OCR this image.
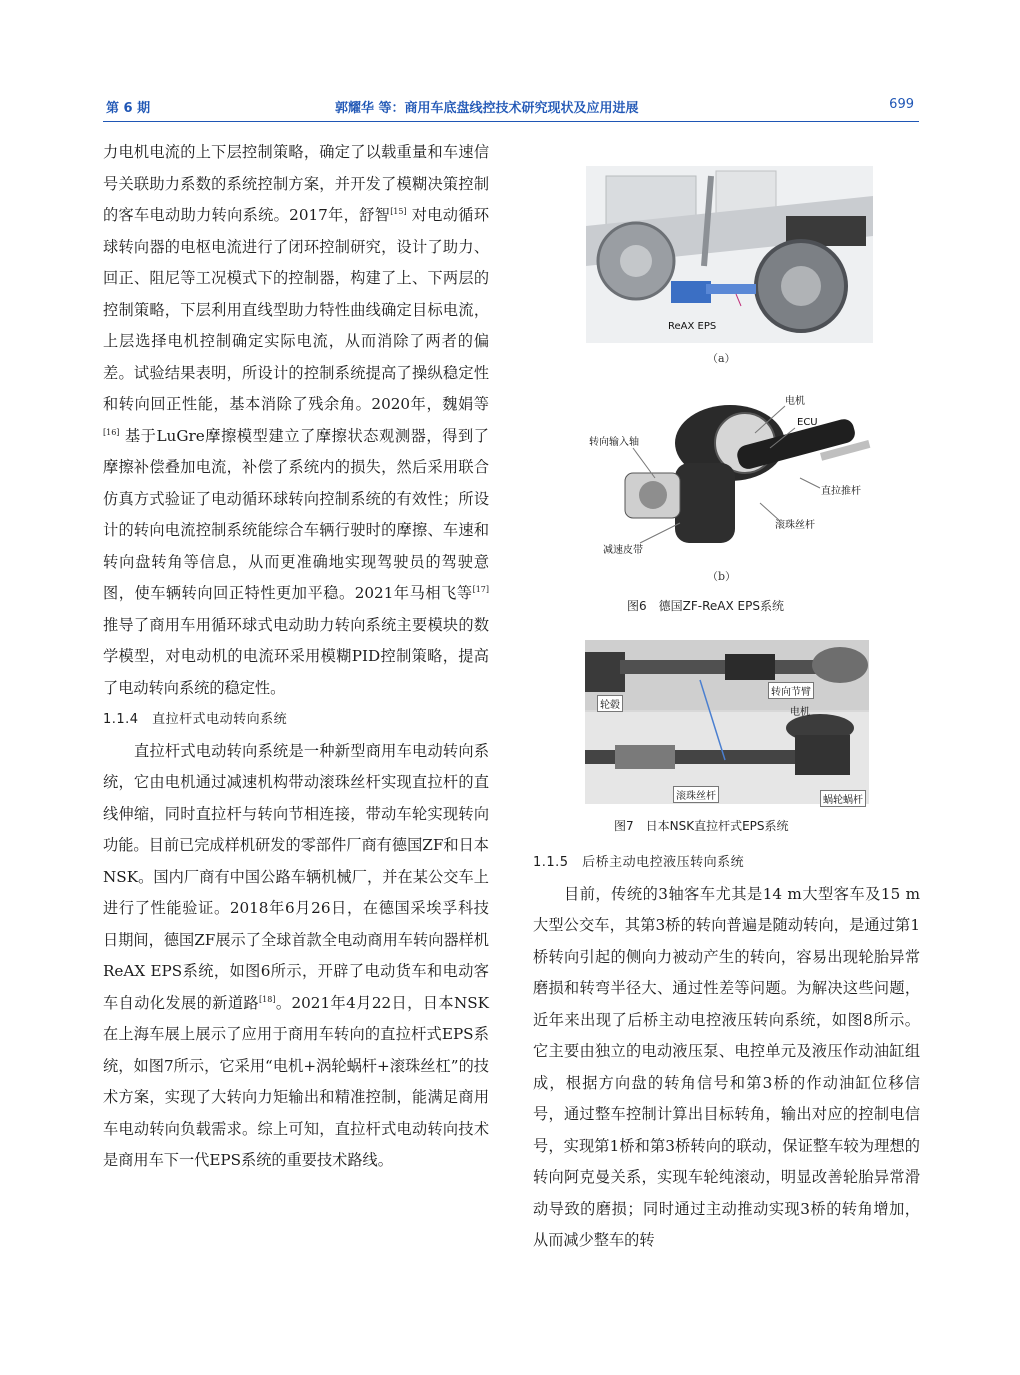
第 6 期	郭耀华 等：商用车底盘线控技术研究现状及应用进展	699

力电机电流的上下层控制策略，确定了以载重量和车速信号关联助力系数的系统控制方案，并开发了模糊决策控制的客车电动助力转向系统。2017年，舒智[15] 对电动循环球转向器的电枢电流进行了闭环控制研究，设计了助力、回正、阻尼等工况模式下的控制器，构建了上、下两层的控制策略，下层利用直线型助力特性曲线确定目标电流，上层选择电机控制确定实际电流，从而消除了两者的偏差。试验结果表明，所设计的控制系统提高了操纵稳定性和转向回正性能，基本消除了残余角。2020年，魏娟等[16] 基于LuGre摩擦模型建立了摩擦状态观测器，得到了摩擦补偿叠加电流，补偿了系统内的损失，然后采用联合仿真方式验证了电动循环球转向控制系统的有效性；所设计的转向电流控制系统能综合车辆行驶时的摩擦、车速和转向盘转角等信息，从而更准确地实现驾驶员的驾驶意图，使车辆转向回正特性更加平稳。2021年马相飞等[17] 推导了商用车用循环球式电动助力转向系统主要模块的数学模型，对电动机的电流环采用模糊PID控制策略，提高了电动转向系统的稳定性。

1.1.4　直拉杆式电动转向系统

直拉杆式电动转向系统是一种新型商用车电动转向系统，它由电机通过减速机构带动滚珠丝杆实现直拉杆的直线伸缩，同时直拉杆与转向节相连接，带动车轮实现转向功能。目前已完成样机研发的零部件厂商有德国ZF和日本NSK。国内厂商有中国公路车辆机械厂，并在某公交车上进行了性能验证。2018年6月26日，在德国采埃孚科技日期间，德国ZF展示了全球首款全电动商用车转向器样机ReAX EPS系统，如图6所示，开辟了电动货车和电动客车自动化发展的新道路[18]。2021年4月22日，日本NSK在上海车展上展示了应用于商用车转向的直拉杆式EPS系统，如图7所示，它采用“电机+涡轮蜗杆+滚珠丝杠”的技术方案，实现了大转向力矩输出和精准控制，能满足商用车电动转向负载需求。综上可知，直拉杆式电动转向技术是商用车下一代EPS系统的重要技术路线。

ReAX EPS
（a）
电机
ECU
转向输入轴
直拉推杆
滚珠丝杆
减速皮带
（b）
图6　德国ZF-ReAX EPS系统
轮毂
转向节臂
电机
滚珠丝杆	蜗轮蜗杆
图7　日本NSK直拉杆式EPS系统

1.1.5　后桥主动电控液压转向系统

目前，传统的3轴客车尤其是14 m大型客车及15 m大型公交车，其第3桥的转向普遍是随动转向，是通过第1桥转向引起的侧向力被动产生的转向，容易出现轮胎异常磨损和转弯半径大、通过性差等问题。为解决这些问题，近年来出现了后桥主动电控液压转向系统，如图8所示。它主要由独立的电动液压泵、电控单元及液压作动油缸组成，根据方向盘的转角信号和第3桥的作动油缸位移信号，通过整车控制计算出目标转角，输出对应的控制电信号，实现第1桥和第3桥转向的联动，保证整车较为理想的转向阿克曼关系，实现车轮纯滚动，明显改善轮胎异常滑动导致的磨损；同时通过主动推动实现3桥的转角增加，从而减少整车的转
